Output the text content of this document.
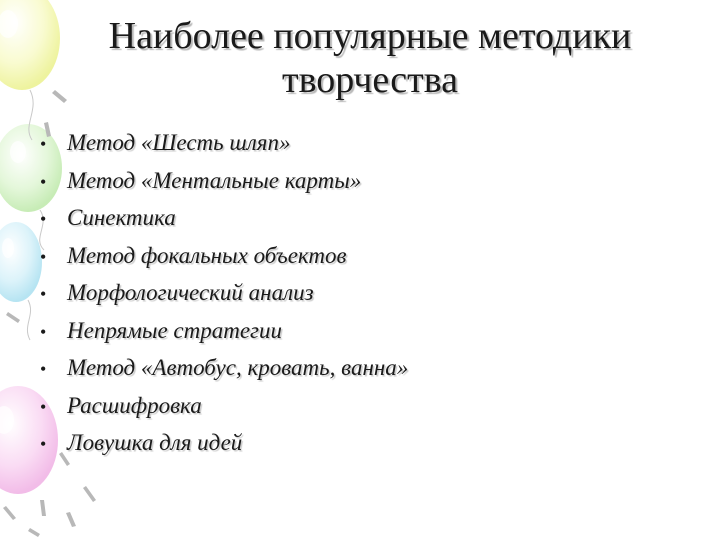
Наиболее популярные методики
творчества
• Метод «Шесть шляп»
• Метод «Ментальные карты»
• Синектика
• Метод фокальных объектов
• Морфологический анализ
• Непрямые стратегии
• Метод «Автобус, кровать, ванна»
• Расшифровка
• Ловушка для идей
